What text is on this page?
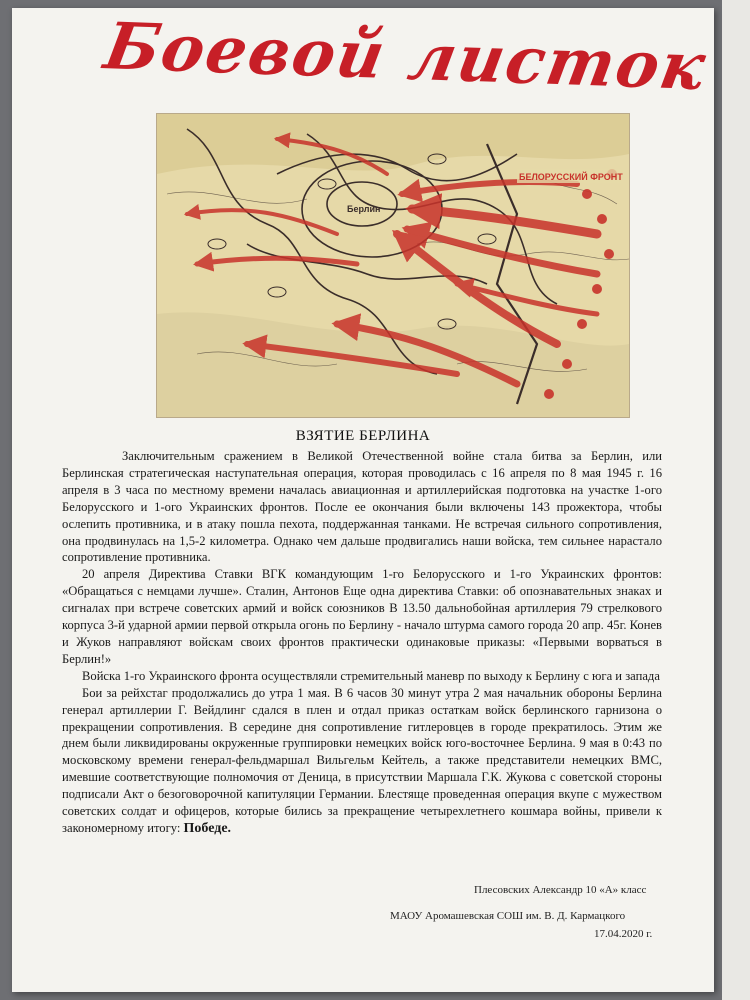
Боевой листок
БЕЛОРУССКИЙ ФРОНТ
Берлин
ВЗЯТИЕ БЕРЛИНА

Заключительным сражением в Великой Отечественной войне стала битва за Берлин, или Берлинская стратегическая наступательная операция, которая проводилась с 16 апреля по 8 мая 1945 г. 16 апреля в 3 часа по местному времени началась авиационная и артиллерийская подготовка на участке 1-ого Белорусского и 1-ого Украинских фронтов. После ее окончания были включены 143 прожектора, чтобы ослепить противника, и в атаку пошла пехота, поддержанная танками. Не встречая сильного сопротивления, она продвинулась на 1,5-2 километра. Однако чем дальше продвигались наши войска, тем сильнее нарастало сопротивление противника.

20 апреля Директива Ставки ВГК командующим 1-го Белорусского и 1-го Украинских фронтов: «Обращаться с немцами лучше». Сталин, Антонов Еще одна директива Ставки: об опознавательных знаках и сигналах при встрече советских армий и войск союзников В 13.50 дальнобойная артиллерия 79 стрелкового корпуса 3-й ударной армии первой открыла огонь по Берлину - начало штурма самого города 20 апр. 45г. Конев и Жуков направляют войскам своих фронтов практически одинаковые приказы: «Первыми ворваться в Берлин!»

Войска 1-го Украинского фронта осуществляли стремительный маневр по выходу к Берлину с юга и запада

Бои за рейхстаг продолжались до утра 1 мая. В 6 часов 30 минут утра 2 мая начальник обороны Берлина генерал артиллерии Г. Вейдлинг сдался в плен и отдал приказ остаткам войск берлинского гарнизона о прекращении сопротивления. В середине дня сопротивление гитлеровцев в городе прекратилось. Этим же днем были ликвидированы окруженные группировки немецких войск юго-восточнее Берлина. 9 мая в 0:43 по московскому времени генерал-фельдмаршал Вильгельм Кейтель, а также представители немецких ВМС, имевшие соответствующие полномочия от Деница, в присутствии Маршала Г.К. Жукова с советской стороны подписали Акт о безоговорочной капитуляции Германии. Блестяще проведенная операция вкупе с мужеством советских солдат и офицеров, которые бились за прекращение четырехлетнего кошмара войны, привели к закономерному итогу: Победе.

Плесовских Александр 10 «А» класс
МАОУ Аромашевская СОШ им. В. Д. Кармацкого
17.04.2020 г.
